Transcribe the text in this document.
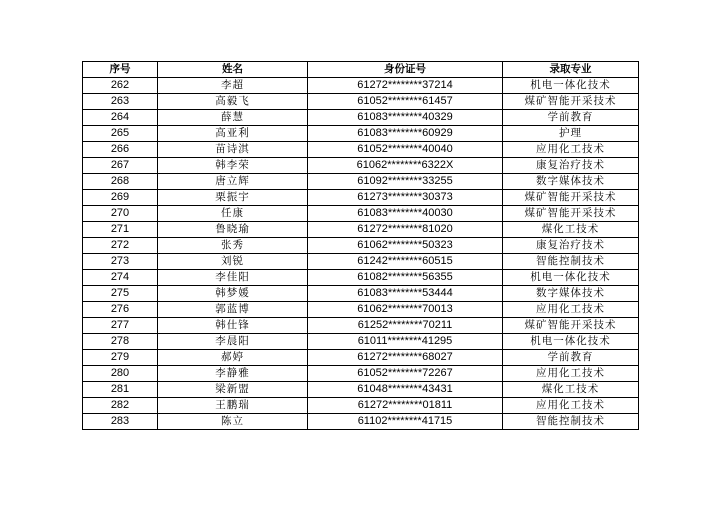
序号	姓名	身份证号	录取专业
262	李超	61272********37214	机电一体化技术
263	高毅飞	61052********61457	煤矿智能开采技术
264	薛慧	61083********40329	学前教育
265	高亚利	61083********60929	护理
266	苗诗淇	61052********40040	应用化工技术
267	韩李荣	61062********6322X	康复治疗技术
268	唐立辉	61092********33255	数字媒体技术
269	栗振宇	61273********30373	煤矿智能开采技术
270	任康	61083********40030	煤矿智能开采技术
271	鲁晓瑜	61272********81020	煤化工技术
272	张秀	61062********50323	康复治疗技术
273	刘锐	61242********60515	智能控制技术
274	李佳阳	61082********56355	机电一体化技术
275	韩梦媛	61083********53444	数字媒体技术
276	郭蓝博	61062********70013	应用化工技术
277	韩仕锋	61252********70211	煤矿智能开采技术
278	李晨阳	61011********41295	机电一体化技术
279	郝婷	61272********68027	学前教育
280	李静雅	61052********72267	应用化工技术
281	梁新盟	61048********43431	煤化工技术
282	王鹏瑞	61272********01811	应用化工技术
283	陈立	61102********41715	智能控制技术
